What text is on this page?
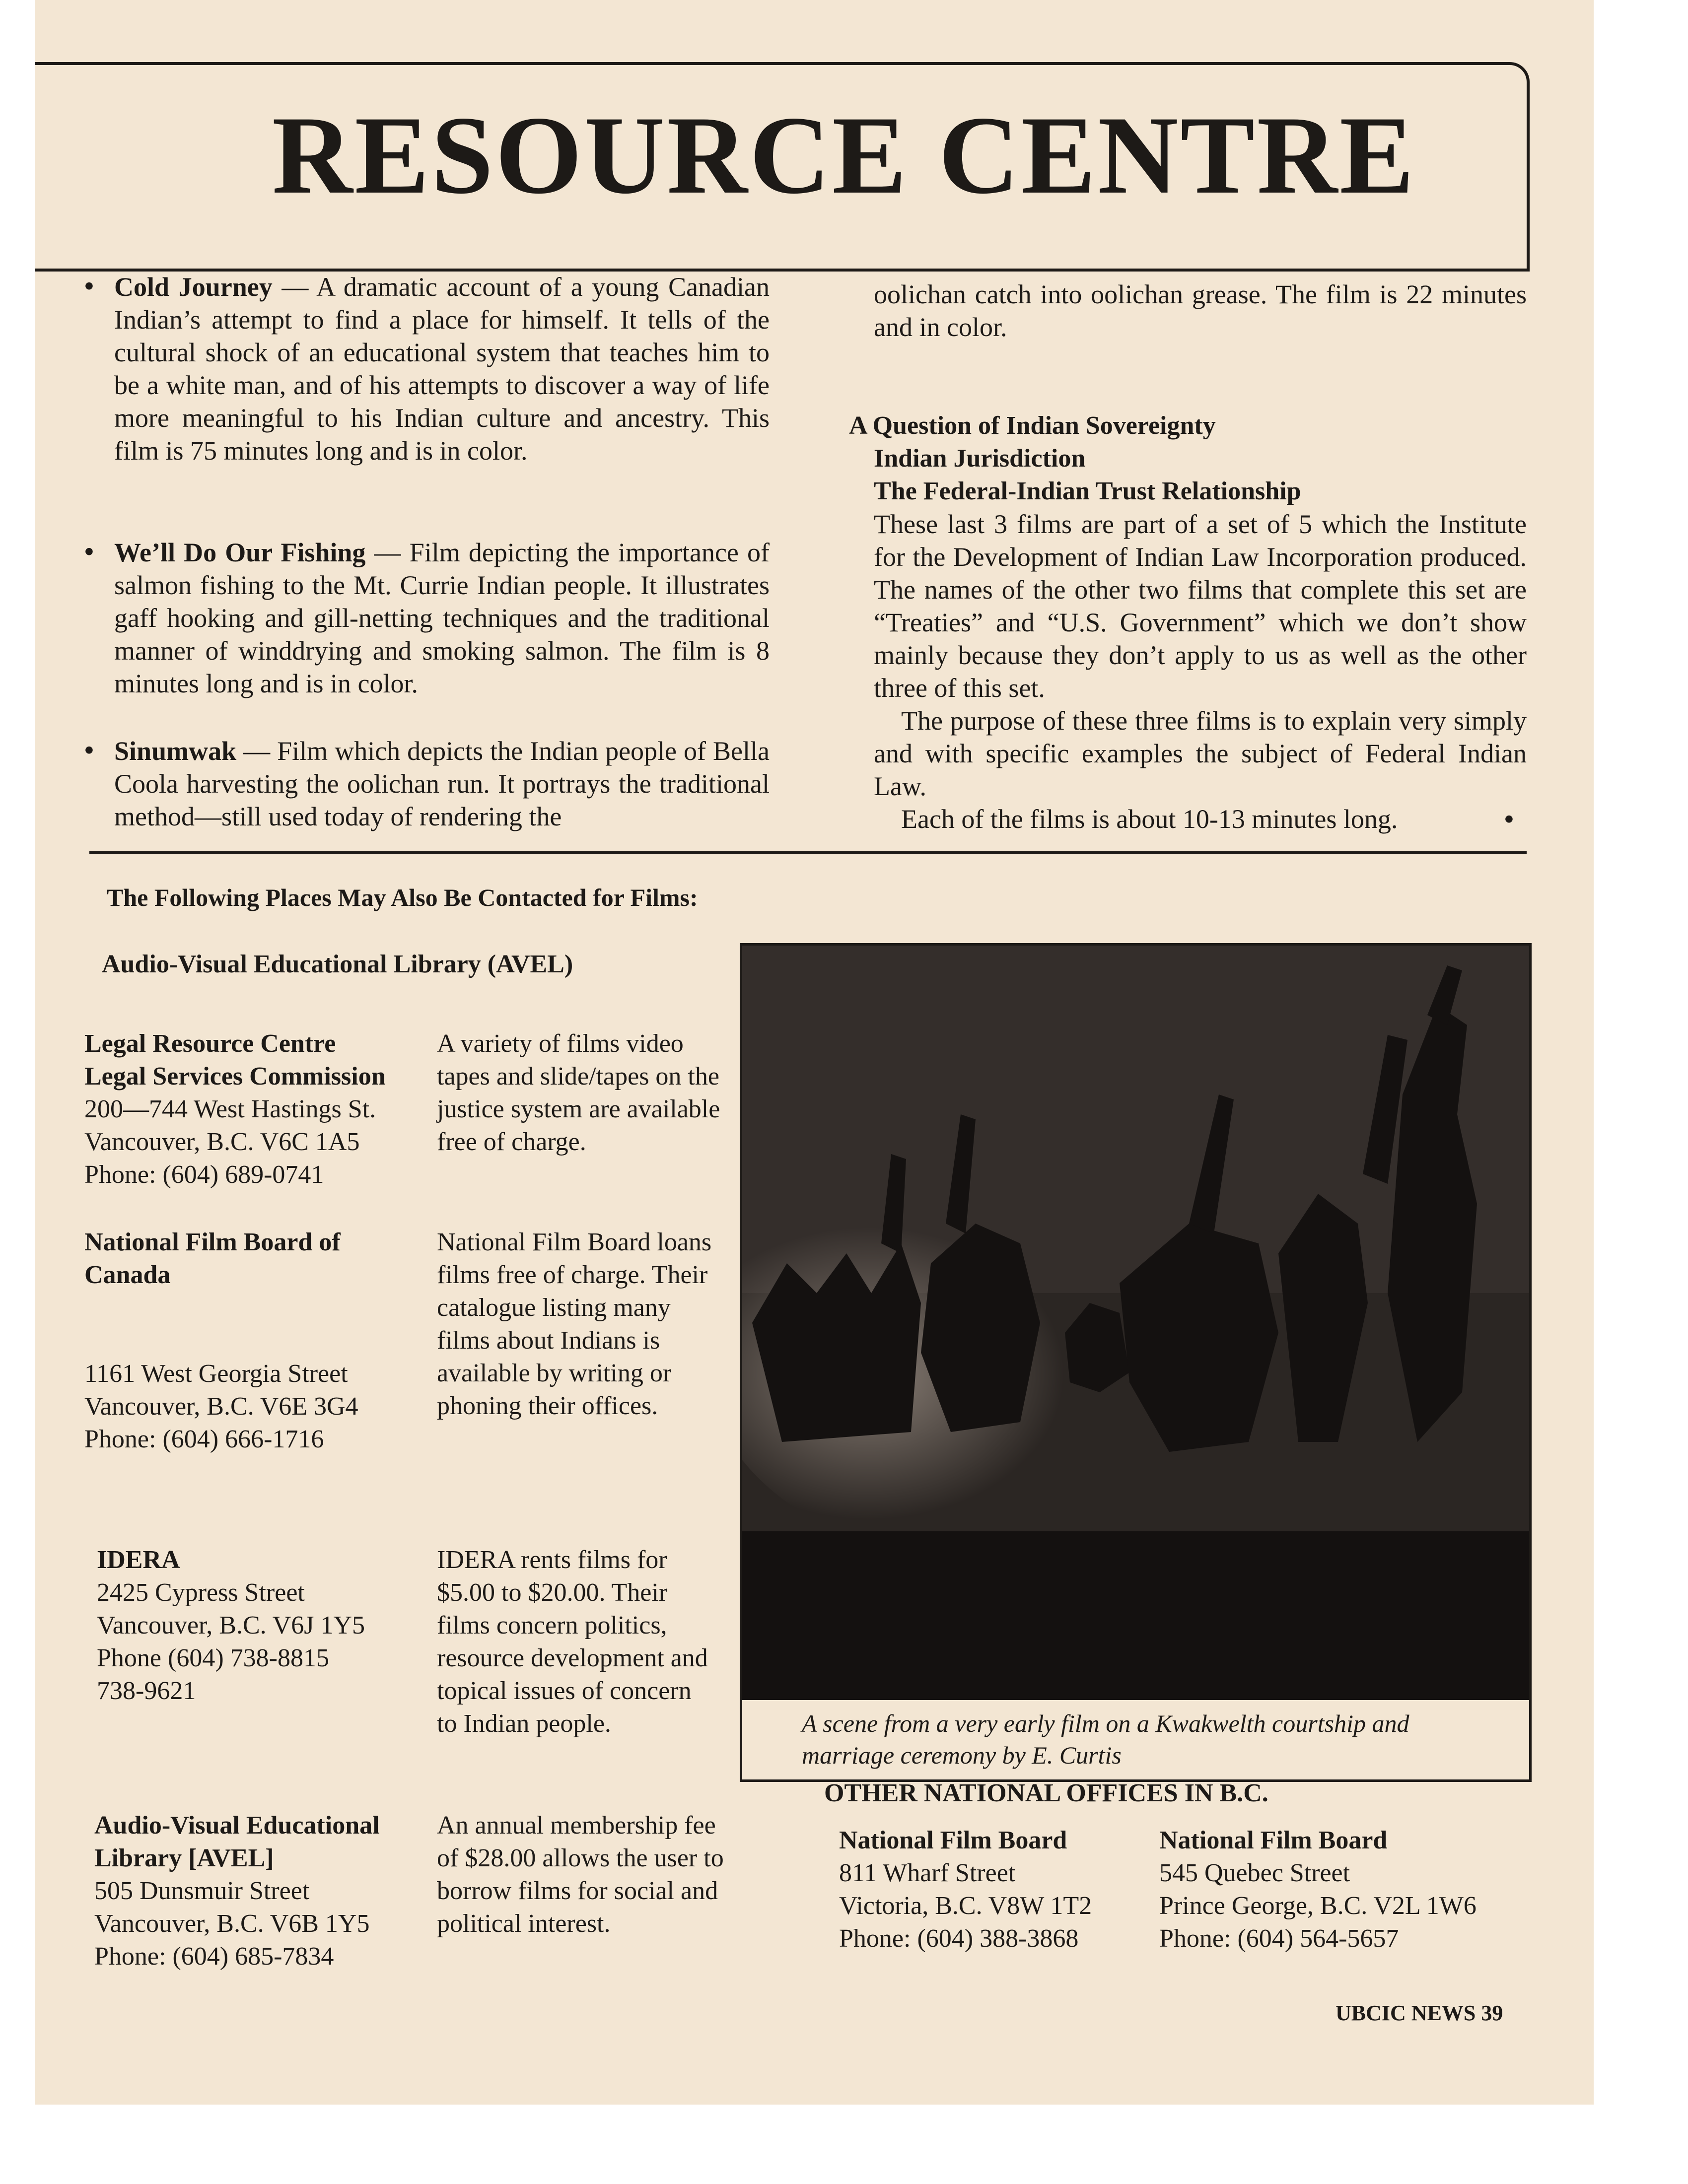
RESOURCE CENTRE
• Cold Journey — A dramatic account of a young Canadian Indian’s attempt to find a place for himself. It tells of the cultural shock of an educational system that teaches him to be a white man, and of his attempts to discover a way of life more meaningful to his Indian culture and ancestry. This film is 75 minutes long and is in color.
• We’ll Do Our Fishing — Film depicting the importance of salmon fishing to the Mt. Currie Indian people. It illustrates gaff hooking and gill-netting techniques and the traditional manner of winddrying and smoking salmon. The film is 8 minutes long and is in color.
• Sinumwak — Film which depicts the Indian people of Bella Coola harvesting the oolichan run. It portrays the traditional method—still used today of rendering the
oolichan catch into oolichan grease. The film is 22 minutes and in color.
A Question of Indian Sovereignty
Indian Jurisdiction
The Federal-Indian Trust Relationship
These last 3 films are part of a set of 5 which the Institute for the Development of Indian Law Incorporation produced. The names of the other two films that complete this set are “Treaties” and “U.S. Government” which we don’t show mainly because they don’t apply to us as well as the other three of this set.
The purpose of these three films is to explain very simply and with specific examples the subject of Federal Indian Law.
Each of the films is about 10-13 minutes long.	•
The Following Places May Also Be Contacted for Films:
Audio-Visual Educational Library (AVEL)
Legal Resource Centre
Legal Services Commission
200—744 West Hastings St.
Vancouver, B.C. V6C 1A5
Phone: (604) 689-0741
A variety of films video tapes and slide/tapes on the justice system are available free of charge.
National Film Board of
Canada
1161 West Georgia Street
Vancouver, B.C. V6E 3G4
Phone: (604) 666-1716
National Film Board loans films free of charge. Their catalogue listing many films about Indians is available by writing or phoning their offices.
IDERA
2425 Cypress Street
Vancouver, B.C. V6J 1Y5
Phone (604) 738-8815
738-9621
IDERA rents films for $5.00 to $20.00. Their films concern politics, resource development and topical issues of concern to Indian people.
Audio-Visual Educational
Library [AVEL]
505 Dunsmuir Street
Vancouver, B.C. V6B 1Y5
Phone: (604) 685-7834
An annual membership fee of $28.00 allows the user to borrow films for social and political interest.
A scene from a very early film on a Kwakwelth courtship and marriage ceremony by E. Curtis
OTHER NATIONAL OFFICES IN B.C.
National Film Board
811 Wharf Street
Victoria, B.C. V8W 1T2
Phone: (604) 388-3868
National Film Board
545 Quebec Street
Prince George, B.C. V2L 1W6
Phone: (604) 564-5657
UBCIC NEWS 39
